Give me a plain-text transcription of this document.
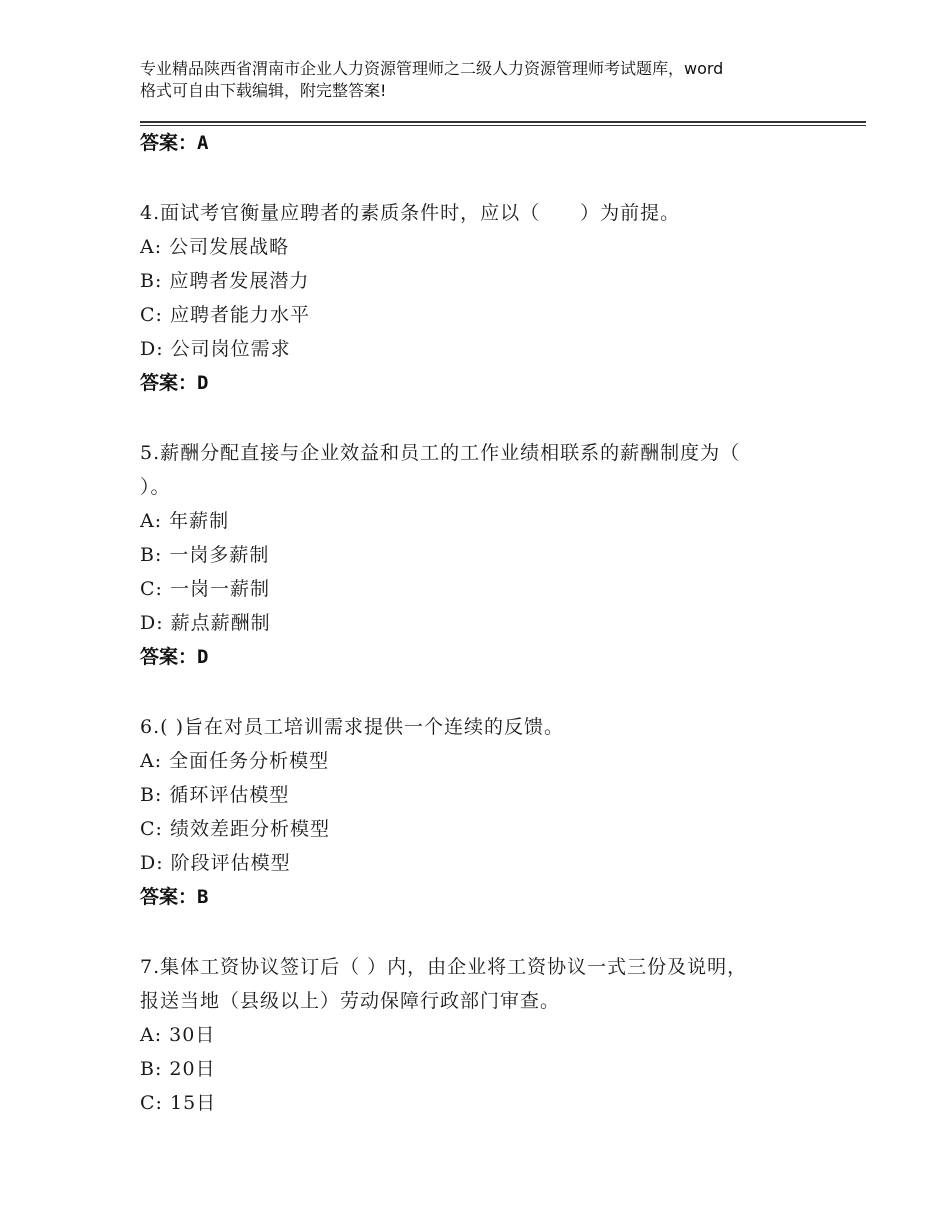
专业精品陕西省渭南市企业人力资源管理师之二级人力资源管理师考试题库，word
格式可自由下载编辑，附完整答案!

答案：A

4.面试考官衡量应聘者的素质条件时，应以（　　）为前提。

A: 公司发展战略

B: 应聘者发展潜力

C: 应聘者能力水平

D: 公司岗位需求

答案：D

5.薪酬分配直接与企业效益和员工的工作业绩相联系的薪酬制度为（

）。

A: 年薪制

B: 一岗多薪制

C: 一岗一薪制

D: 薪点薪酬制

答案：D

6.( )旨在对员工培训需求提供一个连续的反馈。

A: 全面任务分析模型

B: 循环评估模型

C: 绩效差距分析模型

D: 阶段评估模型

答案：B

7.集体工资协议签订后（ ）内，由企业将工资协议一式三份及说明，

报送当地（县级以上）劳动保障行政部门审查。

A: 30日

B: 20日

C: 15日
